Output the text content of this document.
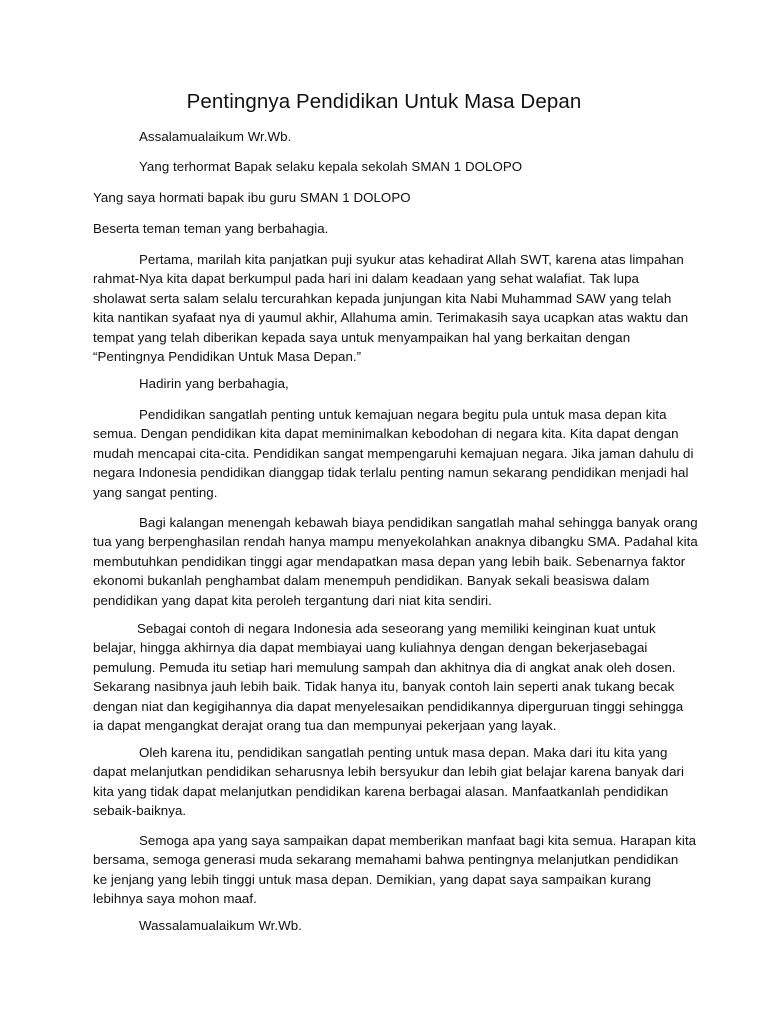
Pentingnya Pendidikan Untuk Masa Depan
Assalamualaikum Wr.Wb.
Yang terhormat Bapak selaku kepala sekolah SMAN 1 DOLOPO
Yang saya hormati bapak ibu guru SMAN 1 DOLOPO
Beserta teman teman yang berbahagia.
Pertama, marilah kita panjatkan puji syukur atas kehadirat Allah SWT, karena atas limpahan
rahmat-Nya kita dapat berkumpul pada hari ini dalam keadaan yang sehat walafiat. Tak lupa
sholawat serta salam selalu tercurahkan kepada junjungan kita Nabi Muhammad SAW yang telah
kita nantikan syafaat nya di yaumul akhir, Allahuma amin. Terimakasih saya ucapkan atas waktu dan
tempat yang telah diberikan kepada saya untuk menyampaikan hal yang berkaitan dengan
“Pentingnya Pendidikan Untuk Masa Depan.”
Hadirin yang berbahagia,
Pendidikan sangatlah penting untuk kemajuan negara begitu pula untuk masa depan kita
semua. Dengan pendidikan kita dapat meminimalkan kebodohan di negara kita. Kita dapat dengan
mudah mencapai cita-cita. Pendidikan sangat mempengaruhi kemajuan negara. Jika jaman dahulu di
negara Indonesia pendidikan dianggap tidak terlalu penting namun sekarang pendidikan menjadi hal
yang sangat penting.
Bagi kalangan menengah kebawah biaya pendidikan sangatlah mahal sehingga banyak orang
tua yang berpenghasilan rendah hanya mampu menyekolahkan anaknya dibangku SMA. Padahal kita
membutuhkan pendidikan tinggi agar mendapatkan masa depan yang lebih baik. Sebenarnya faktor
ekonomi bukanlah penghambat dalam menempuh pendidikan. Banyak sekali beasiswa dalam
pendidikan yang dapat kita peroleh tergantung dari niat kita sendiri.
Sebagai contoh di negara Indonesia ada seseorang yang memiliki keinginan kuat untuk
belajar, hingga akhirnya dia dapat membiayai uang kuliahnya dengan dengan bekerjasebagai
pemulung. Pemuda itu setiap hari memulung sampah dan akhitnya dia di angkat anak oleh dosen.
Sekarang nasibnya jauh lebih baik. Tidak hanya itu, banyak contoh lain seperti anak tukang becak
dengan niat dan kegigihannya dia dapat menyelesaikan pendidikannya diperguruan tinggi sehingga
ia dapat mengangkat derajat orang tua dan mempunyai pekerjaan yang layak.
Oleh karena itu, pendidikan sangatlah penting untuk masa depan. Maka dari itu kita yang
dapat melanjutkan pendidikan seharusnya lebih bersyukur dan lebih giat belajar karena banyak dari
kita yang tidak dapat melanjutkan pendidikan karena berbagai alasan. Manfaatkanlah pendidikan
sebaik-baiknya.
Semoga apa yang saya sampaikan dapat memberikan manfaat bagi kita semua. Harapan kita
bersama, semoga generasi muda sekarang memahami bahwa pentingnya melanjutkan pendidikan
ke jenjang yang lebih tinggi untuk masa depan. Demikian, yang dapat saya sampaikan kurang
lebihnya saya mohon maaf.
Wassalamualaikum Wr.Wb.
